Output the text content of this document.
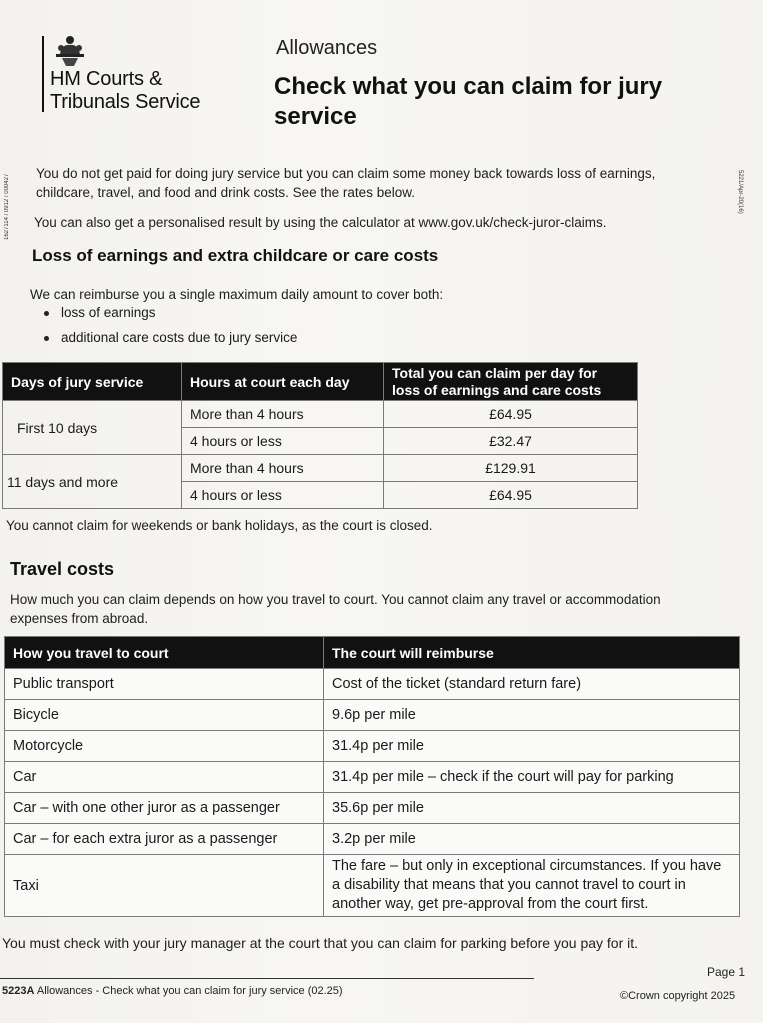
HM Courts &
Tribunals Service
Allowances
Check what you can claim for jury service
1627114 / 0912 / 000427	5221/Apr-20(16)
You do not get paid for doing jury service but you can claim some money back towards loss of earnings, childcare, travel, and food and drink costs. See the rates below.
You can also get a personalised result by using the calculator at www.gov.uk/check-juror-claims.
Loss of earnings and extra childcare or care costs
We can reimburse you a single maximum daily amount to cover both:
loss of earnings
additional care costs due to jury service
Days of jury service	Hours at court each day	Total you can claim per day for loss of earnings and care costs
First 10 days	More than 4 hours	£64.95
	4 hours or less	£32.47
11 days and more	More than 4 hours	£129.91
	4 hours or less	£64.95
You cannot claim for weekends or bank holidays, as the court is closed.
Travel costs
How much you can claim depends on how you travel to court. You cannot claim any travel or accommodation expenses from abroad.
How you travel to court	The court will reimburse
Public transport	Cost of the ticket (standard return fare)
Bicycle	9.6p per mile
Motorcycle	31.4p per mile
Car	31.4p per mile – check if the court will pay for parking
Car – with one other juror as a passenger	35.6p per mile
Car – for each extra juror as a passenger	3.2p per mile
Taxi	The fare – but only in exceptional circumstances. If you have a disability that means that you cannot travel to court in another way, get pre-approval from the court first.
You must check with your jury manager at the court that you can claim for parking before you pay for it.
Page 1
5223A Allowances - Check what you can claim for jury service (02.25)	©Crown copyright 2025
